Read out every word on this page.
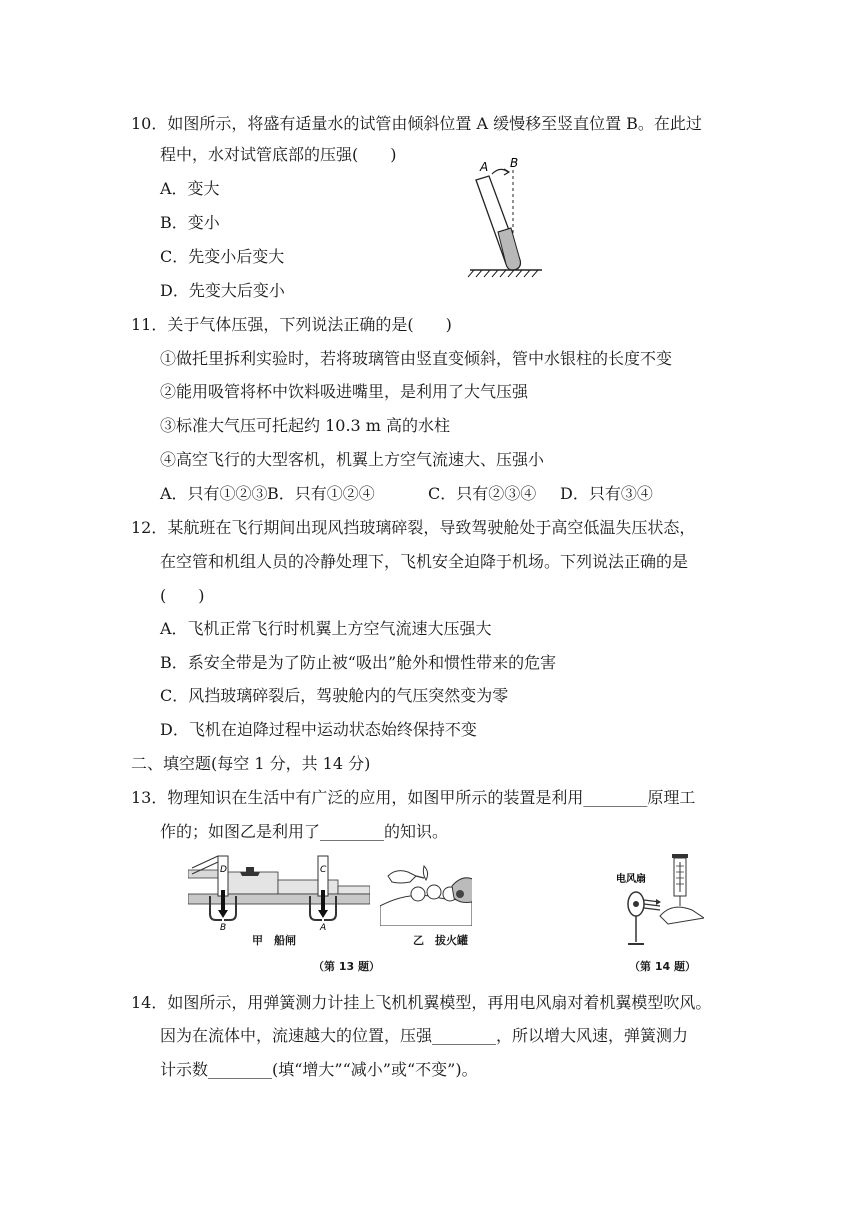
10．如图所示，将盛有适量水的试管由倾斜位置 A 缓慢移至竖直位置 B。在此过
程中，水对试管底部的压强(　　)
A．变大
B．变小
C．先变小后变大
D．先变大后变小
A B
11．关于气体压强，下列说法正确的是(　　)
①做托里拆利实验时，若将玻璃管由竖直变倾斜，管中水银柱的长度不变
②能用吸管将杯中饮料吸进嘴里，是利用了大气压强
③标准大气压可托起约 10.3 m 高的水柱
④高空飞行的大型客机，机翼上方空气流速大、压强小
A．只有①②③ B．只有①②④	C．只有②③④ D．只有③④
12．某航班在飞行期间出现风挡玻璃碎裂，导致驾驶舱处于高空低温失压状态，
在空管和机组人员的冷静处理下，飞机安全迫降于机场。下列说法正确的是
(　　)
A．飞机正常飞行时机翼上方空气流速大压强大
B．系安全带是为了防止被“吸出”舱外和惯性带来的危害
C．风挡玻璃碎裂后，驾驶舱内的气压突然变为零
D．飞机在迫降过程中运动状态始终保持不变
二、填空题(每空 1 分，共 14 分)
13．物理知识在生活中有广泛的应用，如图甲所示的装置是利用________原理工
作的；如图乙是利用了________的知识。
D	C
B	A
甲　船闸	乙　拔火罐
（第 13 题）
电风扇
（第 14 题）
14．如图所示，用弹簧测力计挂上飞机机翼模型，再用电风扇对着机翼模型吹风。
因为在流体中，流速越大的位置，压强________，所以增大风速，弹簧测力
计示数________(填“增大”“减小”或“不变”)。
